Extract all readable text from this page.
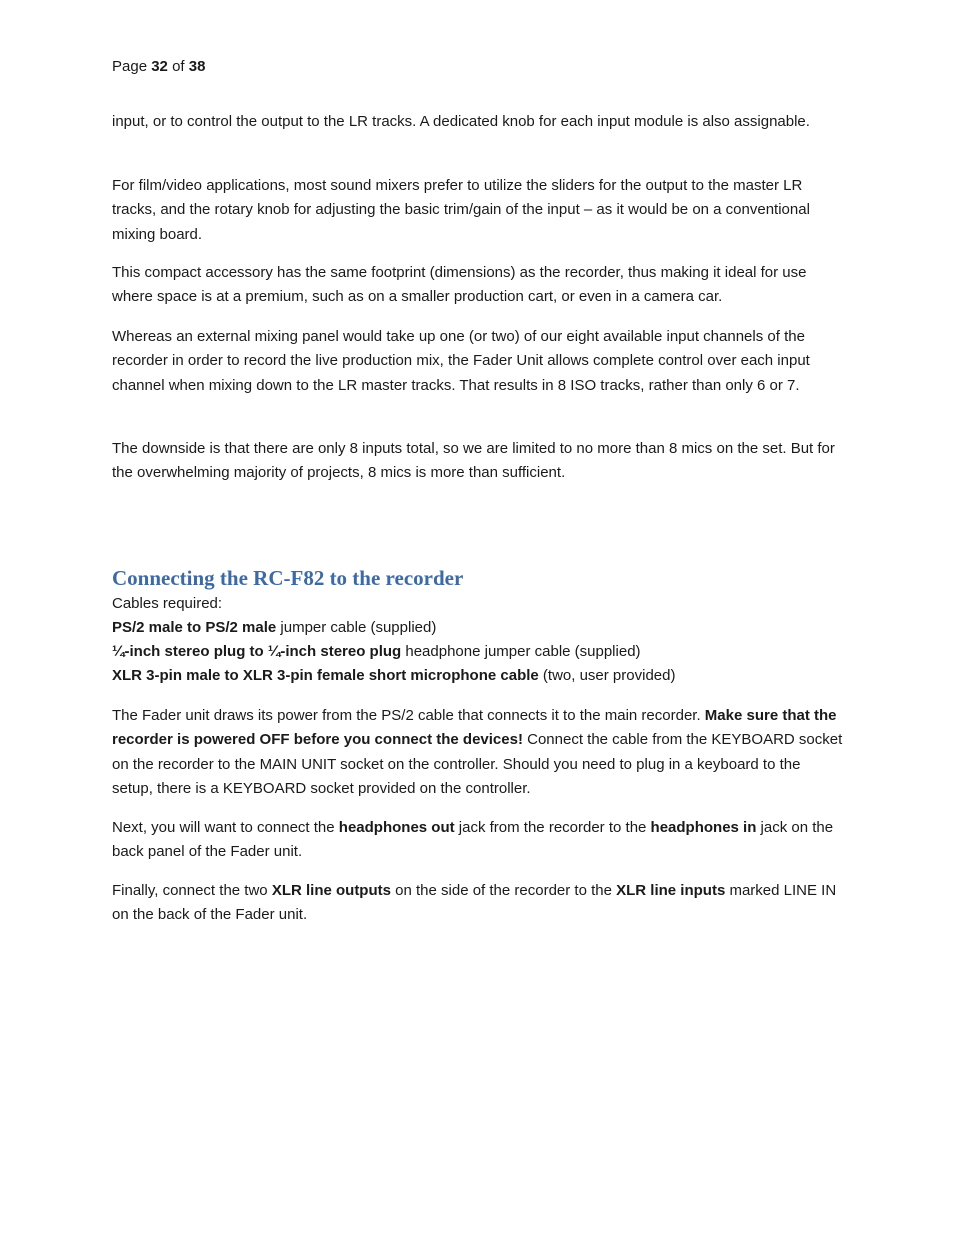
Page 32 of 38

input, or to control the output to the LR tracks. A dedicated knob for each input module is also assignable.

For film/video applications, most sound mixers prefer to utilize the sliders for the output to the master LR tracks, and the rotary knob for adjusting the basic trim/gain of the input – as it would be on a conventional mixing board.

This compact accessory has the same footprint (dimensions) as the recorder, thus making it ideal for use where space is at a premium, such as on a smaller production cart, or even in a camera car.

Whereas an external mixing panel would take up one (or two) of our eight available input channels of the recorder in order to record the live production mix, the Fader Unit allows complete control over each input channel when mixing down to the LR master tracks. That results in 8 ISO tracks, rather than only 6 or 7.

The downside is that there are only 8 inputs total, so we are limited to no more than 8 mics on the set. But for the overwhelming majority of projects, 8 mics is more than sufficient.

Connecting the RC-F82 to the recorder
Cables required:
PS/2 male to PS/2 male jumper cable (supplied)
¼-inch stereo plug to ¼-inch stereo plug headphone jumper cable (supplied)
XLR 3-pin male to XLR 3-pin female short microphone cable (two, user provided)

The Fader unit draws its power from the PS/2 cable that connects it to the main recorder. Make sure that the recorder is powered OFF before you connect the devices! Connect the cable from the KEYBOARD socket on the recorder to the MAIN UNIT socket on the controller. Should you need to plug in a keyboard to the setup, there is a KEYBOARD socket provided on the controller.

Next, you will want to connect the headphones out jack from the recorder to the headphones in jack on the back panel of the Fader unit.

Finally, connect the two XLR line outputs on the side of the recorder to the XLR line inputs marked LINE IN on the back of the Fader unit.
